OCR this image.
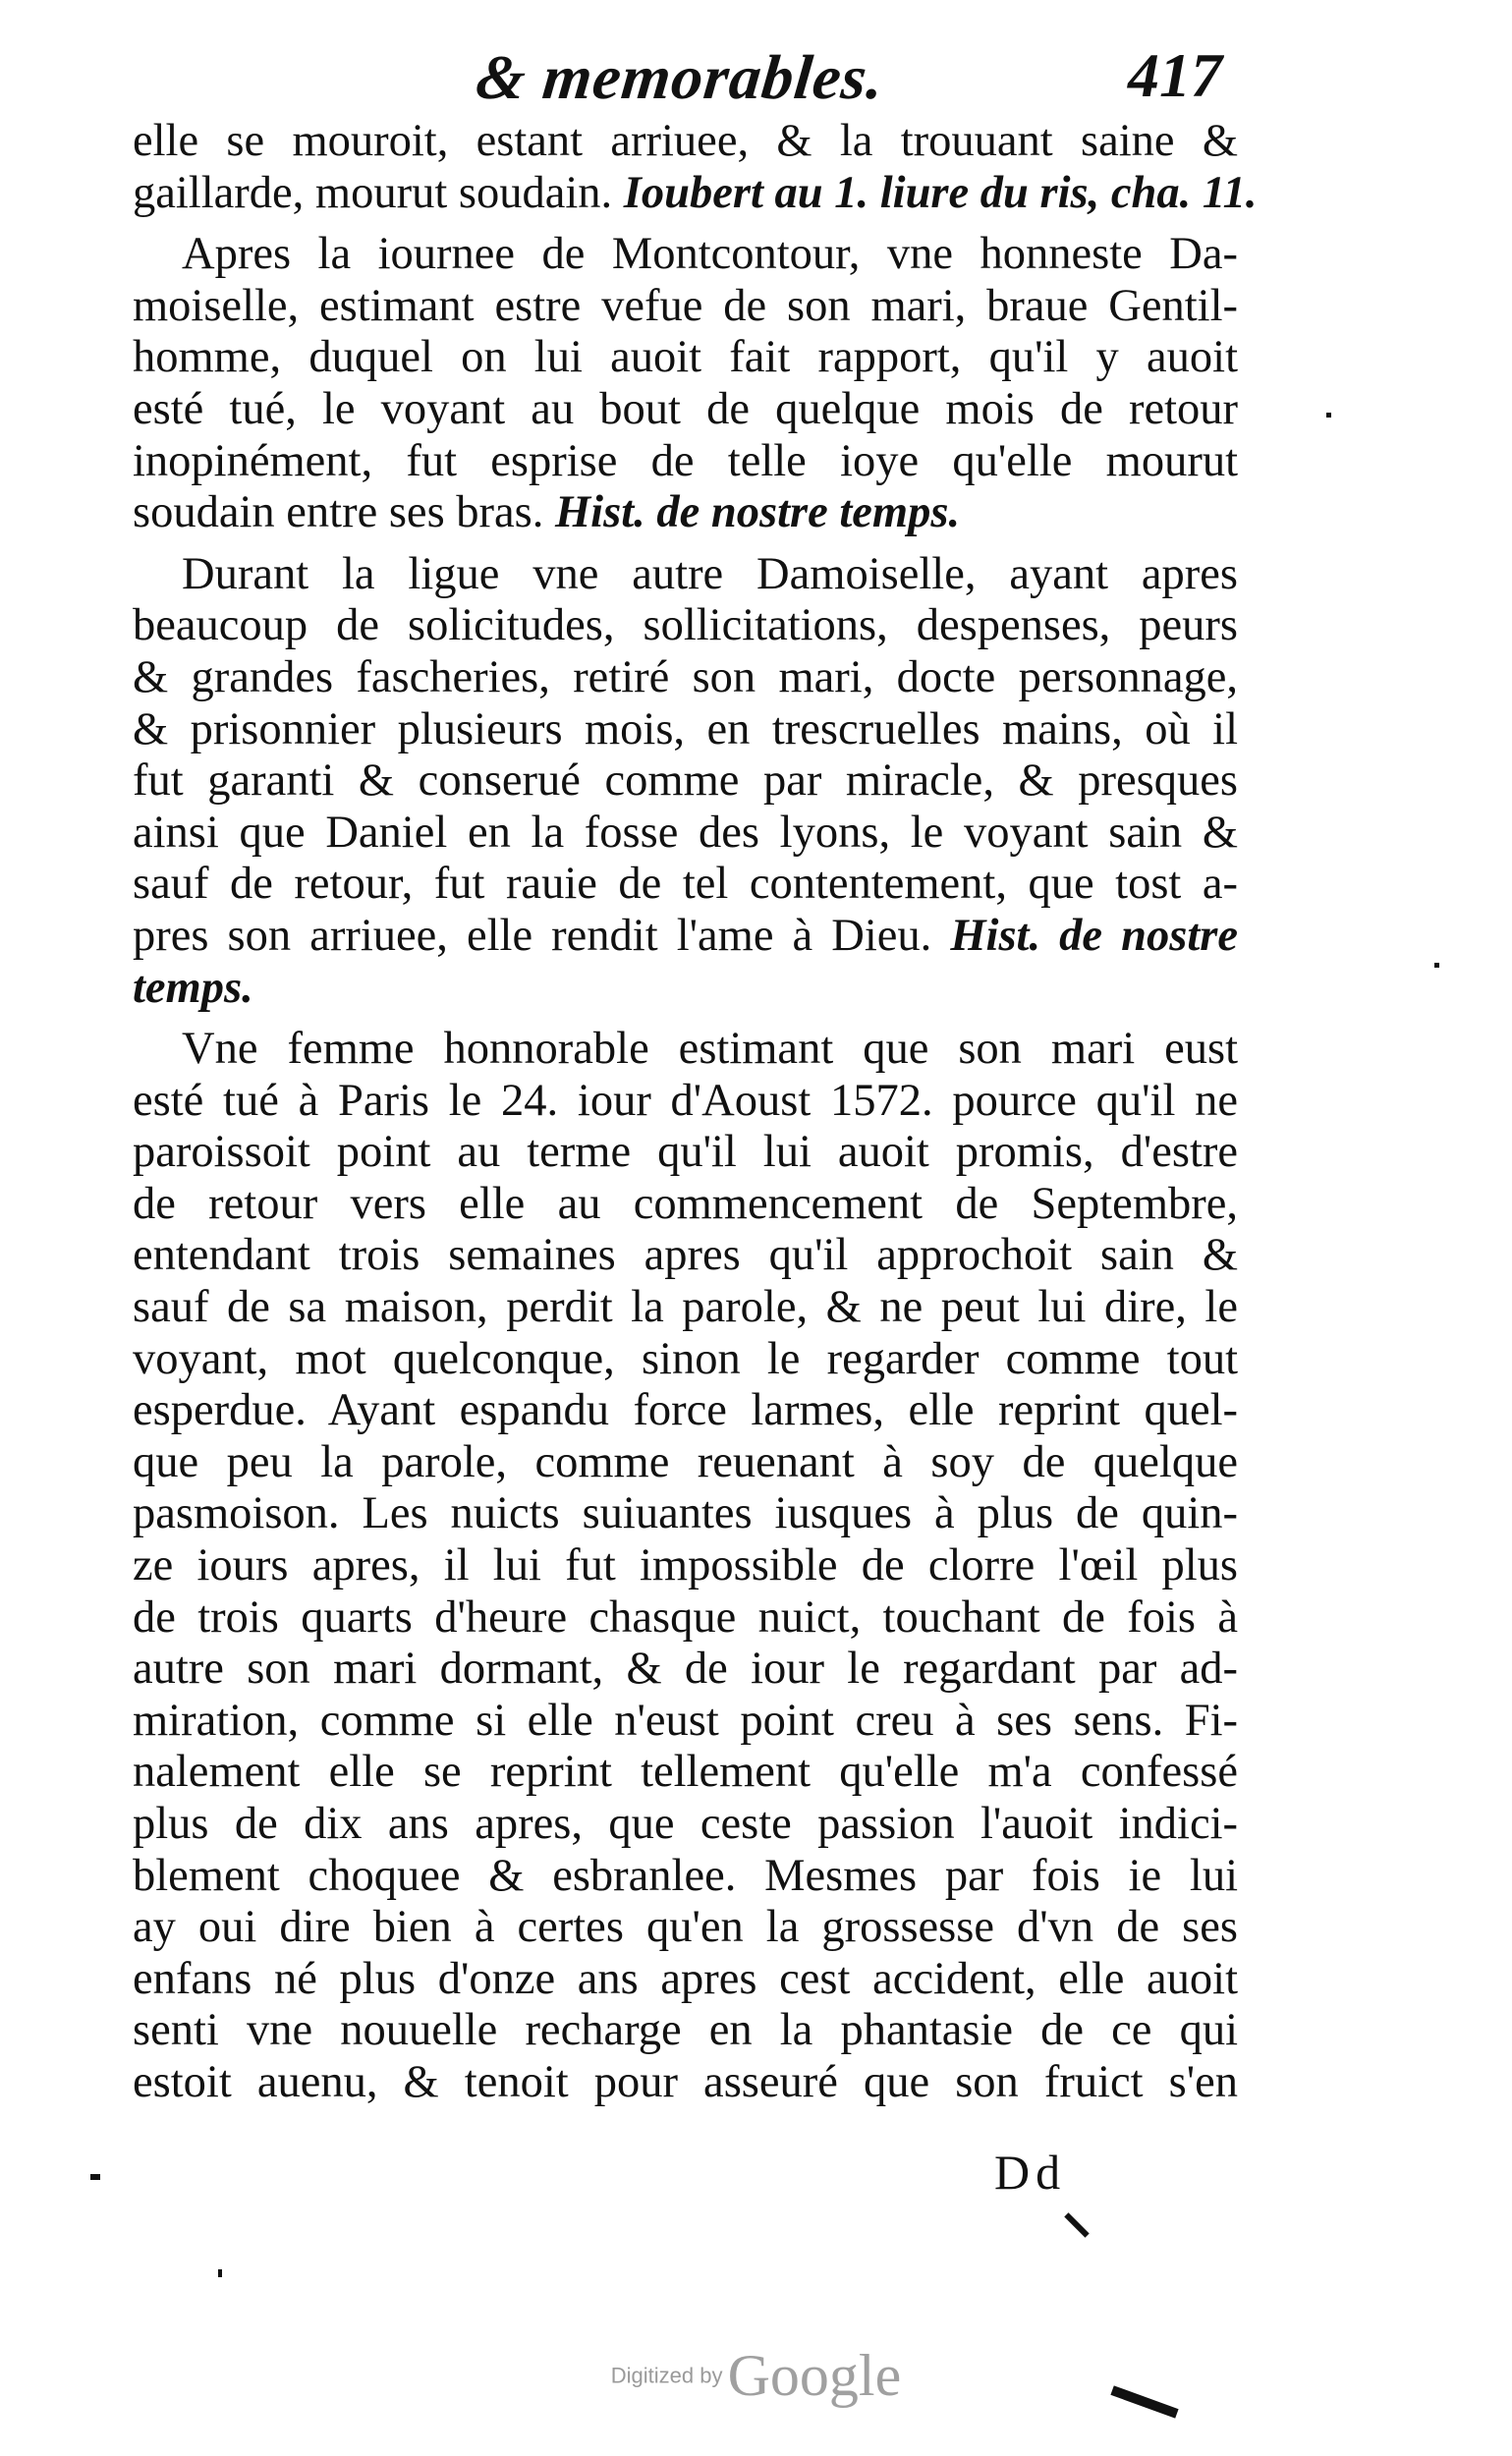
& memorables.	417
elle se mouroit, estant arriuee, & la trouuant saine &
gaillarde, mourut soudain. Ioubert au 1. liure du ris, cha. 11.
Apres la iournee de Montcontour, vne honneste Da-
moiselle, estimant estre vefue de son mari, braue Gentil-
homme, duquel on lui auoit fait rapport, qu'il y auoit
esté tué, le voyant au bout de quelque mois de retour
inopinément, fut esprise de telle ioye qu'elle mourut
soudain entre ses bras. Hist. de nostre temps.
Durant la ligue vne autre Damoiselle, ayant apres
beaucoup de solicitudes, sollicitations, despenses, peurs
& grandes fascheries, retiré son mari, docte personnage,
& prisonnier plusieurs mois, en trescruelles mains, où il
fut garanti & conserué comme par miracle, & presques
ainsi que Daniel en la fosse des lyons, le voyant sain &
sauf de retour, fut rauie de tel contentement, que tost a-
pres son arriuee, elle rendit l'ame à Dieu. Hist. de nostre
temps.
Vne femme honnorable estimant que son mari eust
esté tué à Paris le 24. iour d'Aoust 1572. pource qu'il ne
paroissoit point au terme qu'il lui auoit promis, d'estre
de retour vers elle au commencement de Septembre,
entendant trois semaines apres qu'il approchoit sain &
sauf de sa maison, perdit la parole, & ne peut lui dire, le
voyant, mot quelconque, sinon le regarder comme tout
esperdue. Ayant espandu force larmes, elle reprint quel-
que peu la parole, comme reuenant à soy de quelque
pasmoison. Les nuicts suiuantes iusques à plus de quin-
ze iours apres, il lui fut impossible de clorre l'œil plus
de trois quarts d'heure chasque nuict, touchant de fois à
autre son mari dormant, & de iour le regardant par ad-
miration, comme si elle n'eust point creu à ses sens. Fi-
nalement elle se reprint tellement qu'elle m'a confessé
plus de dix ans apres, que ceste passion l'auoit indici-
blement choquee & esbranlee. Mesmes par fois ie lui
ay oui dire bien à certes qu'en la grossesse d'vn de ses
enfans né plus d'onze ans apres cest accident, elle auoit
senti vne nouuelle recharge en la phantasie de ce qui
estoit auenu, & tenoit pour asseuré que son fruict s'en
Dd
Digitized by Google
